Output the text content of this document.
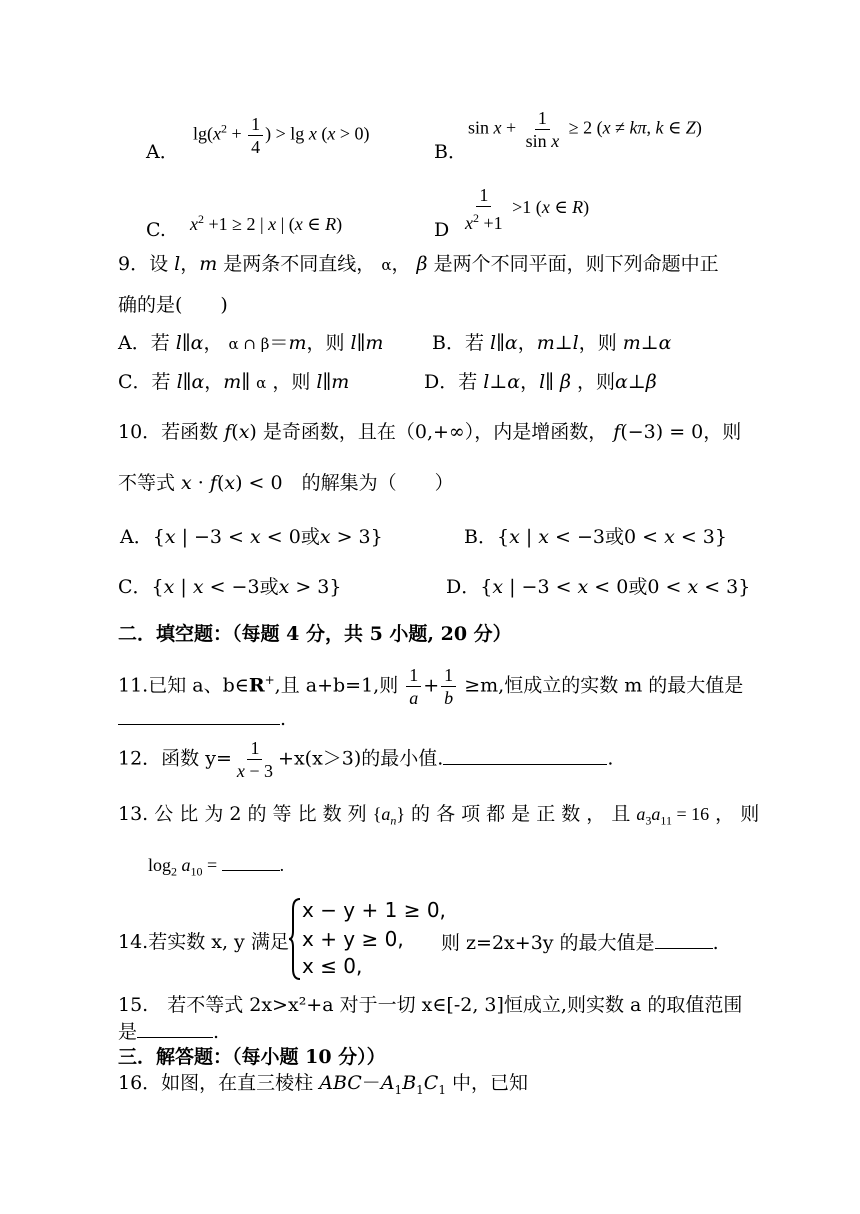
A．
$\lg(x^2 + \frac{1}{4}$ ) > lg x (x > 0)
B．
$\sin x + \frac{1}{\text{sin x}} \ge 2$ (x ≠ kπ, k ∈ Z)
C. $x^2 +1 \ge 2$ | x | (x ∈ R)	D $\frac{1}{x^2 +1} >1$ (x ∈ R)
9．设 l，m 是两条不同直线， α， β 是两个不同平面，则下列命题中正
确的是(　　)
A．若 l∥α， α ∩ β＝m，则 l∥m	B．若 l∥α，m⊥l，则 m⊥α
C．若 l∥α，m∥ α ，则 l∥m	D．若 l⊥α，l∥ β ，则α⊥β
10．若函数 f(x) 是奇函数，且在（0,+∞），内是增函数， f(−3) = 0，则
不等式 x · f(x) < 0　的解集为（　　）
A．{x | −3 < x < 0或x > 3}	B．{x | x < −3或0 < x < 3}
C．{x | x < −3或x > 3}	D．{x | −3 < x < 0或0 < x < 3}
二．填空题：（每题 4 分，共 5 小题, 20 分）
11.已知 a、b∈R+,且 a+b=1,则 $\frac{1}{a} + \frac{1}{b} \ge m$,恒成立的实数 m 的最大值是
.
12．函数 $y= \frac{1}{x - 3} +x(x>3)$的最小值.	.
13. 公 比 为 2 的 等 比 数 列 $\{a_n\}$ 的 各 项 都 是 正 数 ， 且 $a_3a_{11} = 16$ ， 则
$\log_2 a_{10}$ =	.
14.若实数 x, y 满足
x − y + 1 ≥ 0,
x + y ≥ 0,
x ≤ 0,
则 z=2x+3y 的最大值是	.
15.　若不等式 2x>x²+a 对于一切 x∈[-2, 3]恒成立,则实数 a 的取值范围
是	.
三．解答题：（每小题 10 分））
16．如图，在直三棱柱 $ABC-A_1B_1C_1$ 中，已知
